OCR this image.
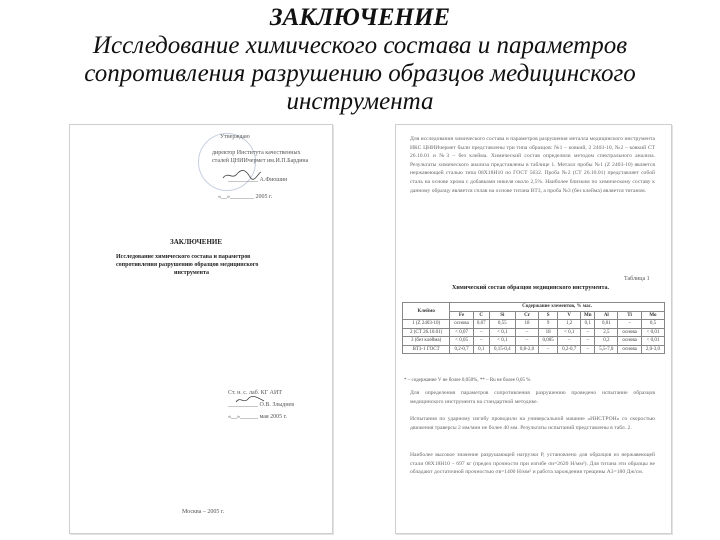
ЗАКЛЮЧЕНИЕ
Исследование химического состава и параметров
сопротивления разрушению образцов медицинского
инструмента
Утверждаю
директор Института качественных
сталей ЦНИИчермет им.И.П.Бардина
__________ А.Фиошин
«__»________ 2005 г.
ЗАКЛЮЧЕНИЕ
Исследование химического состава и параметров
сопротивления разрушению образцов медицинского
инструмента
Ст. н. с. лаб. КГ АИТ
__________ О.В. Злыднев
«__»______ мая 2005 г.
Москва – 2005 г.
Для исследования химического состава и параметров разрушения металла медицинского инструмента ИКС ЦНИИчермет были представлены три типа образцов: №1 – ковкий, 2 2403-10, №2 – ковкий СТ 26.10.01 и №3 – без клейма. Химический состав определяли методом спектрального анализа. Результаты химического анализа представлены в таблице 1. Металл пробы №1 (Z 2403-10) является нержавеющей сталью типа 08Х18Н10 по ГОСТ 5632. Проба №2 (СТ 26.10.01) представляет собой сталь на основе хрома с добавками никеля около 2,5%. Наиболее близким по химическому составу к данному образцу является сплав на основе титана ВТ3, а проба №3 (без клейма) является титаном.
Таблица 1
Химический состав образцов медицинского инструмента.
Клеймо	Содержание элементов, % мас.									
	Fe	C	Si	Cr	S	V	Mn	Al	Ti	Mo
1 (Z 2403-10)	основа	0,07	0,55	18	9	1,2	0,1	0,01	–	0,5
2 (СТ 26.10.01)	< 0,07	–	< 0,1	–	18	< 0,1	–	2,5	основа	< 0,01
3 (без клейма)	< 0,05	–	< 0,1	–	0,005	–	–	0,2	основа	< 0,01
ВТ3-1 ГОСТ	0,2-0,7	0,1	0,15-0,4	0,8-2,0	–	0,2-0,7	–	5,5-7,0	основа	2,0-3,0
* – содержание V не более 0,050%, ** – Ru не более 0,05 %
Для определения параметров сопротивления разрушению проведено испытание образцов медицинского инструмента на стандартной методике.
Испытания по ударному изгибу проводили на универсальной машине «ИНСТРОН» со скоростью движения траверсы 2 мм/мин не более 40 мм. Результаты испытаний представлены в табл. 2.
Наиболее высокое значение разрушающей нагрузки Р, установлено для образцов из нержавеющей стали 08Х18Н10 – 697 кг (предел прочности при изгибе σи=2620 Н/мм²). Для титана эти образцы не обладают достаточной прочностью σв=1400 Н/мм² и работа зарождения трещины А3=180 Дж/см.
